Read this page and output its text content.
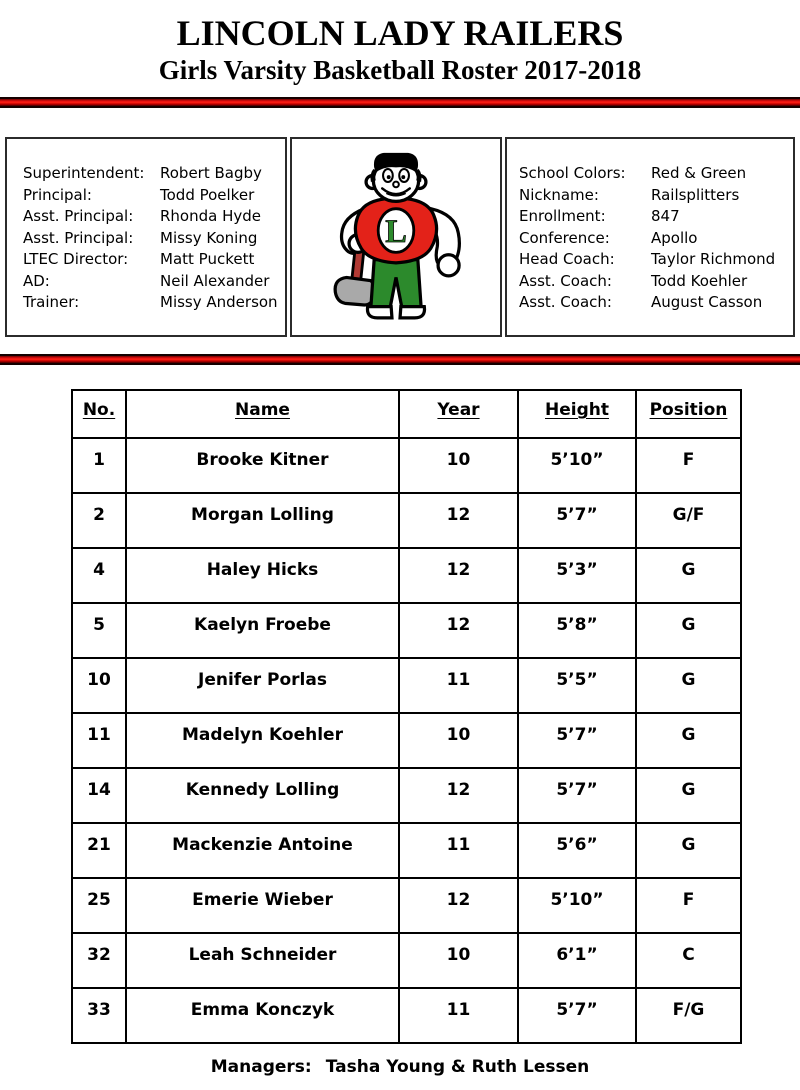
LINCOLN LADY RAILERS
Girls Varsity Basketball Roster 2017-2018
Superintendent:	Robert Bagby
Principal:	Todd Poelker
Asst. Principal:	Rhonda Hyde
Asst. Principal:	Missy Koning
LTEC Director:	Matt Puckett
AD:	Neil Alexander
Trainer:	Missy Anderson
L
School Colors:	Red & Green
Nickname:	Railsplitters
Enrollment:	847
Conference:	Apollo
Head Coach:	Taylor Richmond
Asst. Coach:	Todd Koehler
Asst. Coach:	August Casson
No.	Name	Year	Height	Position
1	Brooke Kitner	10	5’10”	F
2	Morgan Lolling	12	5’7”	G/F
4	Haley Hicks	12	5’3”	G
5	Kaelyn Froebe	12	5’8”	G
10	Jenifer Porlas	11	5’5”	G
11	Madelyn Koehler	10	5’7”	G
14	Kennedy Lolling	12	5’7”	G
21	Mackenzie Antoine	11	5’6”	G
25	Emerie Wieber	12	5’10”	F
32	Leah Schneider	10	6’1”	C
33	Emma Konczyk	11	5’7”	F/G
Managers: Tasha Young & Ruth Lessen
